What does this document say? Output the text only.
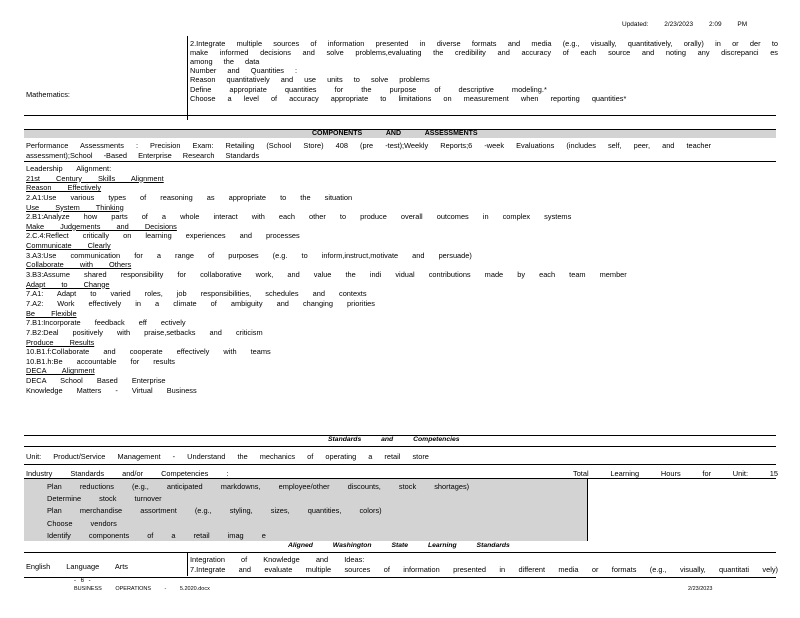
Updated: 2/23/2023 2:09 PM
Mathematics:
2.Integrate multiple sources of information presented in diverse formats and media (e.g., visually, quantitatively, orally) in or der to
make informed decisions and solve problems,evaluating the credibility and accuracy of each source and noting any discrepanci es
among the data
Number and Quantities :
Reason quantitatively and use units to solve problems
Define appropriate quantities for the purpose of descriptive modeling.*
Choose a level of accuracy appropriate to limitations on measurement when reporting quantities*
COMPONENTS AND ASSESSMENTS
Performance Assessments : Precision Exam: Retailing (School Store) 408 (pre -test);Weekly Reports;6 -week Evaluations (includes self, peer, and teacher
assessment);School -Based Enterprise Research Standards
Leadership Alignment:
21st Century Skills Alignment
Reason Effectively
2.A1:Use various types of reasoning as appropriate to the situation
Use System Thinking
2.B1:Analyze how parts of a whole interact with each other to produce overall outcomes in complex systems
Make Judgements and Decisions
2.C.4:Reflect critically on learning experiences and processes
Communicate Clearly
3.A3:Use communication for a range of purposes (e.g. to inform,instruct,motivate and persuade)
Collaborate with Others
3.B3:Assume shared responsibility for collaborative work, and value the indi vidual contributions made by each team member
Adapt to Change
7.A1: Adapt to varied roles, job responsibilities, schedules and contexts
7.A2: Work effectively in a climate of ambiguity and changing priorities
Be Flexible
7.B1:Incorporate feedback eff ectively
7.B2:Deal positively with praise,setbacks and criticism
Produce Results
10.B1.f:Collaborate and cooperate effectively with teams
10.B1.h:Be accountable for results
DECA Alignment
DECA School Based Enterprise
Knowledge Matters - Virtual Business
Standards and Competencies
Unit: Product/Service Management - Understand the mechanics of operating a retail store
Industry Standards and/or Competencies :	Total Learning Hours for Unit: 15
Plan reductions (e.g., anticipated markdowns, employee/other discounts, stock shortages)
Determine stock turnover
Plan merchandise assortment (e.g., styling, sizes, quantities, colors)
Choose vendors
Identify components of a retail imag e
Aligned Washington State Learning Standards
English Language Arts
Integration of Knowledge and Ideas:
7.Integrate and evaluate multiple sources of information presented in different media or formats (e.g., visually, quantitati vely)
- 6 -
BUSINESS OPERATIONS - 5.2020.docx	2/23/2023
